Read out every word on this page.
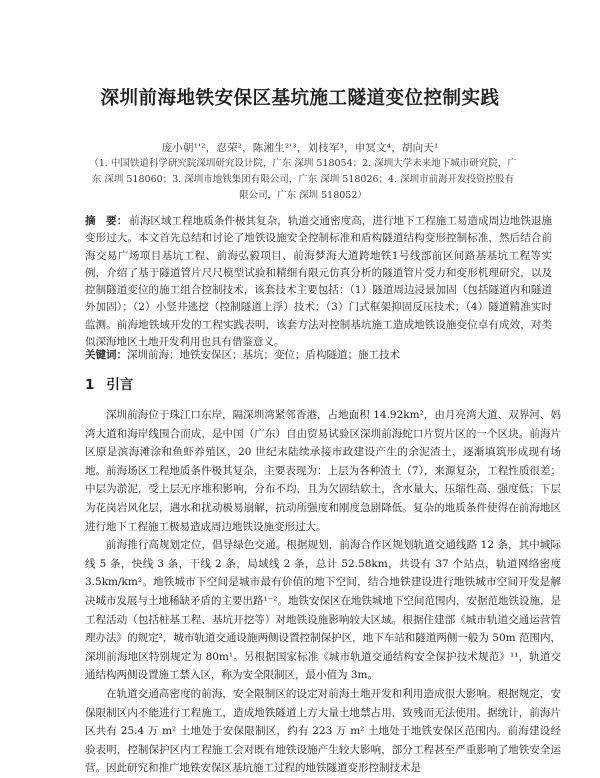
深圳前海地铁安保区基坑施工隧道变位控制实践
庞小朝¹'²，忍荣²，陈湘生²'³，刘枝军³，申冥文⁴，胡向天¹
（1. 中国铁道科学研究院深圳研究设计院，广东 深圳 518054；2. 深圳大学未来地下城市研究院，广东 深圳 518060；3. 深圳市地铁集团有限公司，广东 深圳 518026；4. 深圳市前海开发投资控股有限公司，广东 深圳 518052）
摘　要： 前海区域工程地质条件极其复杂，轨道交通密度高，进行地下工程施工易造成周边地铁退施变形过大。本文首先总结和讨论了地铁设施安全控制标准和盾构隧道结构变形控制标准，然后结合前海交易广场项目基坑工程、前海弘毅项目、前海梦海大道跨地铁1号线部前区间路基基坑工程等实例，介绍了基于隧道管片尺尺模型试验和精细有限元仿真分析的隧道管片受力和变形机理研究，以及控制隧道变位的施工组合控制技术，该套技术主要包括：（1）隧道周边浸景加固（包括隧道内和隧道外加固）；（2）小竖井逃挖（控制隧道上浮）技术；（3）门式框架抑固反压技术；（4）隧道精准实时监测。前海地铁域开发的工程实践表明，该套方法对控制基坑施工造成地铁设施变位卓有成效，对类似深海地区土地开发利用也具有借鉴意义。
关键词：深圳前海；地铁安保区；基坑；变位；盾构隧道；施工技术
1 引言

深圳前海位于珠江口东岸，隔深圳湾紧邻香港，占地面积 14.92km²，由月亮湾大道、双界河、妈湾大道和海岸线围合而成，是中国（广东）自由贸易试验区深圳前海蛇口片贸片区的一个区块。前海片区原是滨海滩涂和鱼虾养殖区，20 世纪末陆续承接市政建设产生的余泥渣土，逐渐填筑形成现有场地。前海场区工程地质条件极其复杂，主要表现为：上层为各种渣土（7），来源复杂，工程性质很差；中层为淤泥，受上层无序堆积影响，分布不均，且为欠固结软土，含水量大、压缩性高、强度低；下层为花岗岩风化层，遇水和扰动极易崩解，抗动所强度和刚度急剧降低。复杂的地质条件使得在前海地区进行地下工程施工极易造成周边地铁设施变形过大。

前海推行高规划定位，倡导绿色交通。根据规划，前海合作区规划轨道交通线路 12 条，其中城际线 5 条，快线 3 条，干线 2 条，局域线 2 条，总计 52.58km，共设有 37 个站点，轨道网络密度 3.5km/km²。地铁城市下空间是城市最有价值的地下空间，结合地铁建设进行地铁城市空间开发是解决城市发展与土地稀缺矛盾的主要出路¹⁻²。地铁安保区在地铁城地下空间范围内，安据范地铁设施，是工程活动（包括桩基工程、基坑开挖等）对地铁设施影响较大区域。根据住建部《城市轨道交通运营管理办法》的规定²，城市轨道交通设施两侧设置控制保护区，地下车站和隧道两侧一般为 50m 范围内，深圳前海地区特别规定为 80m¹。另根据国家标准《城市轨道交通结构安全保护技术规范》¹¹，轨道交通结构两侧设置施工禁入区，称为安全限制区，最小值为 3m。

在轨道交通高密度的前海，安全限制区的设定对前海土地开发和利用造成很大影响。根据规定，安保限制区内不能进行工程施工，造成地铁隧道上方大量土地禁占用，致残而无法使用。据统计，前海片区共有 25.4 万 m² 土地处于安保限制区，约有 223 万 m² 土地处于地铁安保区范围内。前海建设经验表明，控制保护区内工程施工会对既有地铁设施产生较大影响，部分工程甚至严重影响了地铁安全运营。因此研究和推广地铁安保区基坑施工过程的地铁隧道变形控制技术是
